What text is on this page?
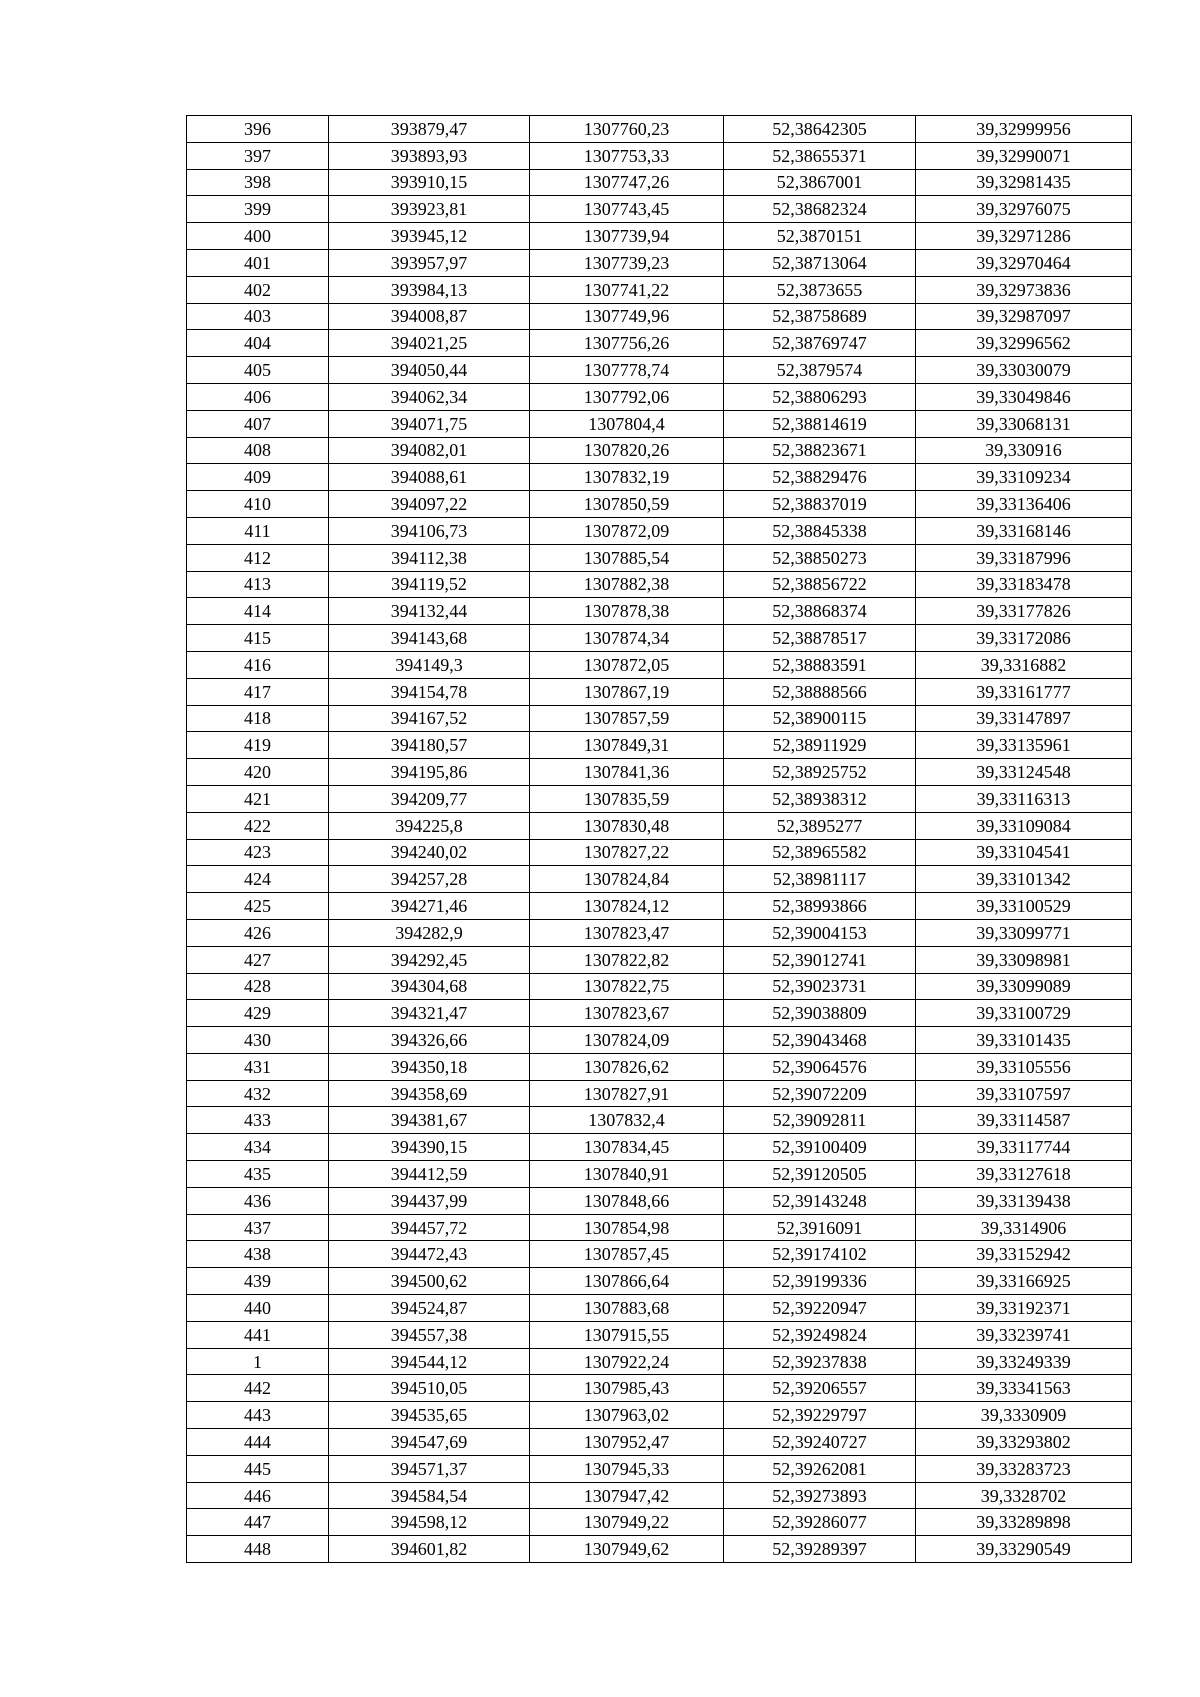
396	393879,47	1307760,23	52,38642305	39,32999956
397	393893,93	1307753,33	52,38655371	39,32990071
398	393910,15	1307747,26	52,3867001	39,32981435
399	393923,81	1307743,45	52,38682324	39,32976075
400	393945,12	1307739,94	52,3870151	39,32971286
401	393957,97	1307739,23	52,38713064	39,32970464
402	393984,13	1307741,22	52,3873655	39,32973836
403	394008,87	1307749,96	52,38758689	39,32987097
404	394021,25	1307756,26	52,38769747	39,32996562
405	394050,44	1307778,74	52,3879574	39,33030079
406	394062,34	1307792,06	52,38806293	39,33049846
407	394071,75	1307804,4	52,38814619	39,33068131
408	394082,01	1307820,26	52,38823671	39,330916
409	394088,61	1307832,19	52,38829476	39,33109234
410	394097,22	1307850,59	52,38837019	39,33136406
411	394106,73	1307872,09	52,38845338	39,33168146
412	394112,38	1307885,54	52,38850273	39,33187996
413	394119,52	1307882,38	52,38856722	39,33183478
414	394132,44	1307878,38	52,38868374	39,33177826
415	394143,68	1307874,34	52,38878517	39,33172086
416	394149,3	1307872,05	52,38883591	39,3316882
417	394154,78	1307867,19	52,38888566	39,33161777
418	394167,52	1307857,59	52,38900115	39,33147897
419	394180,57	1307849,31	52,38911929	39,33135961
420	394195,86	1307841,36	52,38925752	39,33124548
421	394209,77	1307835,59	52,38938312	39,33116313
422	394225,8	1307830,48	52,3895277	39,33109084
423	394240,02	1307827,22	52,38965582	39,33104541
424	394257,28	1307824,84	52,38981117	39,33101342
425	394271,46	1307824,12	52,38993866	39,33100529
426	394282,9	1307823,47	52,39004153	39,33099771
427	394292,45	1307822,82	52,39012741	39,33098981
428	394304,68	1307822,75	52,39023731	39,33099089
429	394321,47	1307823,67	52,39038809	39,33100729
430	394326,66	1307824,09	52,39043468	39,33101435
431	394350,18	1307826,62	52,39064576	39,33105556
432	394358,69	1307827,91	52,39072209	39,33107597
433	394381,67	1307832,4	52,39092811	39,33114587
434	394390,15	1307834,45	52,39100409	39,33117744
435	394412,59	1307840,91	52,39120505	39,33127618
436	394437,99	1307848,66	52,39143248	39,33139438
437	394457,72	1307854,98	52,3916091	39,3314906
438	394472,43	1307857,45	52,39174102	39,33152942
439	394500,62	1307866,64	52,39199336	39,33166925
440	394524,87	1307883,68	52,39220947	39,33192371
441	394557,38	1307915,55	52,39249824	39,33239741
1	394544,12	1307922,24	52,39237838	39,33249339
442	394510,05	1307985,43	52,39206557	39,33341563
443	394535,65	1307963,02	52,39229797	39,3330909
444	394547,69	1307952,47	52,39240727	39,33293802
445	394571,37	1307945,33	52,39262081	39,33283723
446	394584,54	1307947,42	52,39273893	39,3328702
447	394598,12	1307949,22	52,39286077	39,33289898
448	394601,82	1307949,62	52,39289397	39,33290549
